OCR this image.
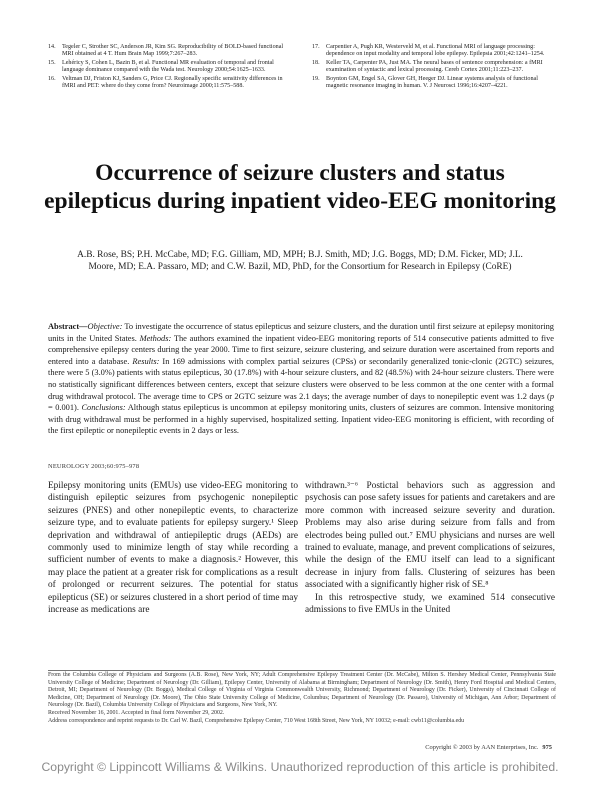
14. Tegeler C, Strother SC, Anderson JR, Kim SG. Reproducibility of BOLD-based functional MRI obtained at 4 T. Hum Brain Map 1999;7:267–283.
15. Lehéricy S, Cohen L, Bazin B, et al. Functional MR evaluation of temporal and frontal language dominance compared with the Wada test. Neurology 2000;54:1625–1633.
16. Veltman DJ, Friston KJ, Sanders G, Price CJ. Regionally specific sensitivity differences in fMRI and PET: where do they come from? Neuroimage 2000;11:575–588.
17. Carpentier A, Pugh KR, Westerveld M, et al. Functional MRI of language processing: dependence on input modality and temporal lobe epilepsy. Epilepsia 2001;42:1241–1254.
18. Keller TA, Carpenter PA, Just MA. The neural bases of sentence comprehension: a fMRI examination of syntactic and lexical processing. Cereb Cortex 2001;11:223–237.
19. Boynton GM, Engel SA, Glover GH, Heeger DJ. Linear systems analysis of functional magnetic resonance imaging in human. V. J Neurosci 1996;16:4207–4221.
Occurrence of seizure clusters and status epilepticus during inpatient video-EEG monitoring

A.B. Rose, BS; P.H. McCabe, MD; F.G. Gilliam, MD, MPH; B.J. Smith, MD; J.G. Boggs, MD; D.M. Ficker, MD; J.L. Moore, MD; E.A. Passaro, MD; and C.W. Bazil, MD, PhD, for the Consortium for Research in Epilepsy (CoRE)

Abstract—Objective: To investigate the occurrence of status epilepticus and seizure clusters, and the duration until first seizure at epilepsy monitoring units in the United States. Methods: The authors examined the inpatient video-EEG monitoring reports of 514 consecutive patients admitted to five comprehensive epilepsy centers during the year 2000. Time to first seizure, seizure clustering, and seizure duration were ascertained from reports and entered into a database. Results: In 169 admissions with complex partial seizures (CPSs) or secondarily generalized tonic-clonic (2GTC) seizures, there were 5 (3.0%) patients with status epilepticus, 30 (17.8%) with 4-hour seizure clusters, and 82 (48.5%) with 24-hour seizure clusters. There were no statistically significant differences between centers, except that seizure clusters were observed to be less common at the one center with a formal drug withdrawal protocol. The average time to CPS or 2GTC seizure was 2.1 days; the average number of days to nonepileptic event was 1.2 days (p = 0.001). Conclusions: Although status epilepticus is uncommon at epilepsy monitoring units, clusters of seizures are common. Intensive monitoring with drug withdrawal must be performed in a highly supervised, hospitalized setting. Inpatient video-EEG monitoring is efficient, with recording of the first epileptic or nonepileptic events in 2 days or less.

NEUROLOGY 2003;60:975–978

Epilepsy monitoring units (EMUs) use video-EEG monitoring to distinguish epileptic seizures from psychogenic nonepileptic seizures (PNES) and other nonepileptic events, to characterize seizure type, and to evaluate patients for epilepsy surgery.¹ Sleep deprivation and withdrawal of antiepileptic drugs (AEDs) are commonly used to minimize length of stay while recording a sufficient number of events to make a diagnosis.² However, this may place the patient at a greater risk for complications as a result of prolonged or recurrent seizures. The potential for status epilepticus (SE) or seizures clustered in a short period of time may increase as medications are

withdrawn.³⁻⁶ Postictal behaviors such as aggression and psychosis can pose safety issues for patients and caretakers and are more common with increased seizure severity and duration. Problems may also arise during seizure from falls and from electrodes being pulled out.⁷ EMU physicians and nurses are well trained to evaluate, manage, and prevent complications of seizures, while the design of the EMU itself can lead to a significant decrease in injury from falls. Clustering of seizures has been associated with a significantly higher risk of SE.⁸

In this retrospective study, we examined 514 consecutive admissions to five EMUs in the United

From the Columbia College of Physicians and Surgeons (A.B. Rose), New York, NY; Adult Comprehensive Epilepsy Treatment Center (Dr. McCabe), Milton S. Hershey Medical Center, Pennsylvania State University College of Medicine; Department of Neurology (Dr. Gilliam), Epilepsy Center, University of Alabama at Birmingham; Department of Neurology (Dr. Smith), Henry Ford Hospital and Medical Centers, Detroit, MI; Department of Neurology (Dr. Boggs), Medical College of Virginia of Virginia Commonwealth University, Richmond; Department of Neurology (Dr. Ficker), University of Cincinnati College of Medicine, OH; Department of Neurology (Dr. Moore), The Ohio State University College of Medicine, Columbus; Department of Neurology (Dr. Passaro), University of Michigan, Ann Arbor; Department of Neurology (Dr. Bazil), Columbia University College of Physicians and Surgeons, New York, NY.

Received November 16, 2001. Accepted in final form November 29, 2002.

Address correspondence and reprint requests to Dr. Carl W. Bazil, Comprehensive Epilepsy Center, 710 West 168th Street, New York, NY 10032; e-mail: cwb11@columbia.edu

Copyright © 2003 by AAN Enterprises, Inc. 975

Copyright © Lippincott Williams & Wilkins. Unauthorized reproduction of this article is prohibited.
